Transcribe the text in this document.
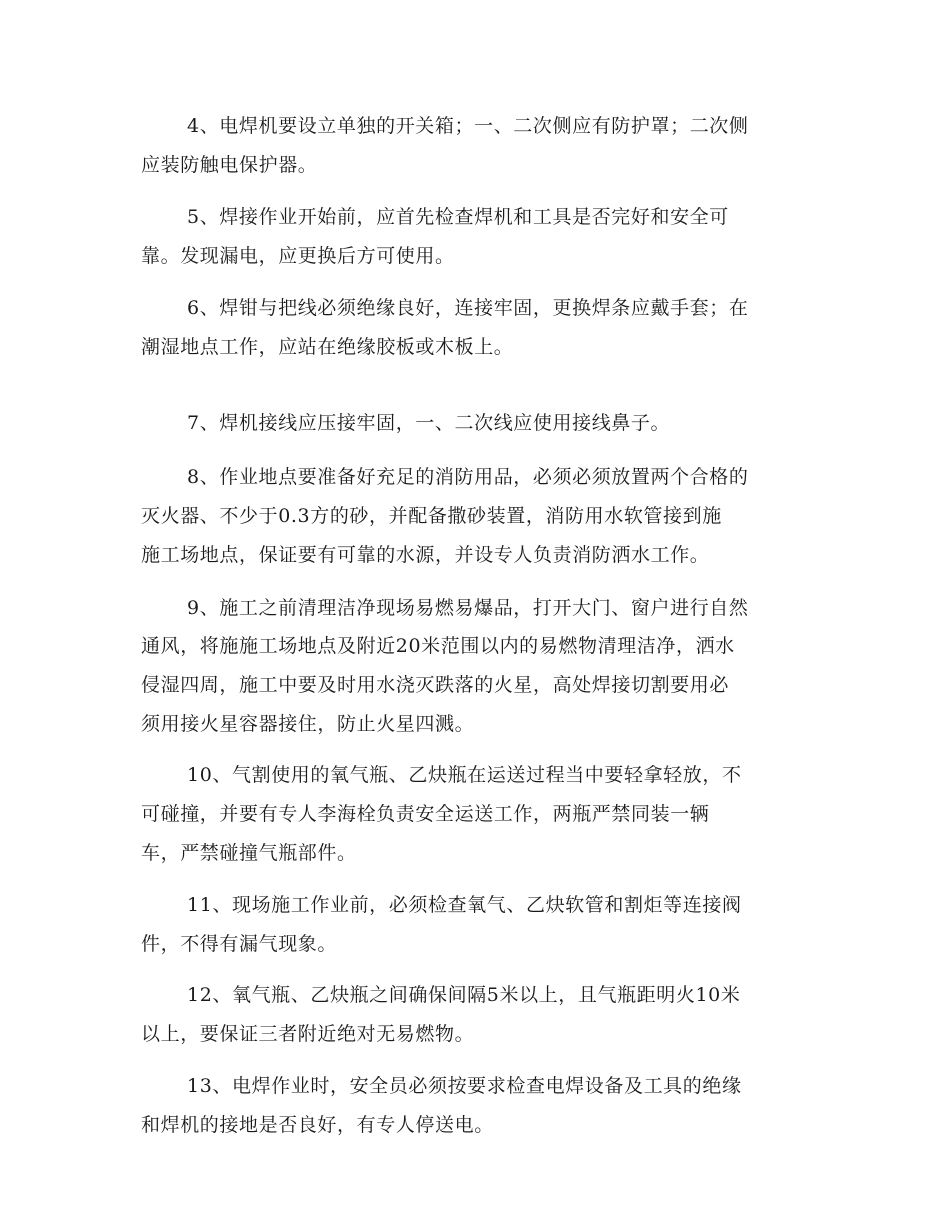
4、电焊机要设立单独的开关箱；一、二次侧应有防护罩；二次侧
应装防触电保护器。
5、焊接作业开始前，应首先检查焊机和工具是否完好和安全可
靠。发现漏电，应更换后方可使用。
6、焊钳与把线必须绝缘良好，连接牢固，更换焊条应戴手套；在
潮湿地点工作，应站在绝缘胶板或木板上。
7、焊机接线应压接牢固，一、二次线应使用接线鼻子。
8、作业地点要准备好充足的消防用品，必须必须放置两个合格的
灭火器、不少于0.3方的砂，并配备撒砂装置，消防用水软管接到施
施工场地点，保证要有可靠的水源，并设专人负责消防洒水工作。
9、施工之前清理洁净现场易燃易爆品，打开大门、窗户进行自然
通风，将施施工场地点及附近20米范围以内的易燃物清理洁净，洒水
侵湿四周，施工中要及时用水浇灭跌落的火星，高处焊接切割要用必
须用接火星容器接住，防止火星四溅。
10、气割使用的氧气瓶、乙炔瓶在运送过程当中要轻拿轻放，不
可碰撞，并要有专人李海栓负责安全运送工作，两瓶严禁同装一辆
车，严禁碰撞气瓶部件。
11、现场施工作业前，必须检查氧气、乙炔软管和割炬等连接阀
件，不得有漏气现象。
12、氧气瓶、乙炔瓶之间确保间隔5米以上，且气瓶距明火10米
以上，要保证三者附近绝对无易燃物。
13、电焊作业时，安全员必须按要求检查电焊设备及工具的绝缘
和焊机的接地是否良好，有专人停送电。
